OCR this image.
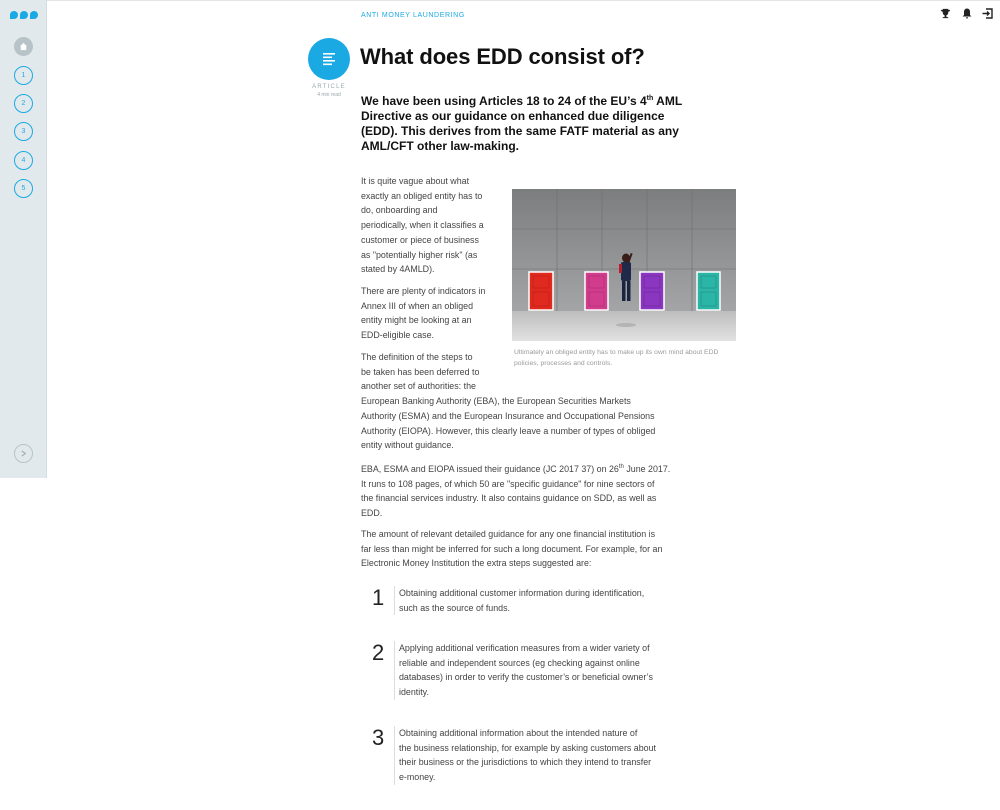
1
2
3
4
5
ANTI MONEY LAUNDERING
ARTICLE
4 min read
What does EDD consist of?
We have been using Articles 18 to 24 of the EU’s 4th AML Directive as our guidance on enhanced due diligence (EDD). This derives from the same FATF material as any AML/CFT other law-making.
It is quite vague about what
exactly an obliged entity has to
do, onboarding and
periodically, when it classifies a
customer or piece of business
as "potentially higher risk" (as
stated by 4AMLD).
There are plenty of indicators in
Annex III of when an obliged
entity might be looking at an
EDD-eligible case.
The definition of the steps to
be taken has been deferred to
another set of authorities: the
European Banking Authority (EBA), the European Securities Markets
Authority (ESMA) and the European Insurance and Occupational Pensions
Authority (EIOPA). However, this clearly leave a number of types of obliged
entity without guidance.
EBA, ESMA and EIOPA issued their guidance (JC 2017 37) on 26th June 2017.
It runs to 108 pages, of which 50 are "specific guidance" for nine sectors of
the financial services industry. It also contains guidance on SDD, as well as
EDD.
The amount of relevant detailed guidance for any one financial institution is
far less than might be inferred for such a long document. For example, for an
Electronic Money Institution the extra steps suggested are:
Ultimately an obliged entity has to make up its own mind about EDD policies, processes and controls.
1	Obtaining additional customer information during identification,
such as the source of funds.
2	Applying additional verification measures from a wider variety of
reliable and independent sources (eg checking against online
databases) in order to verify the customer’s or beneficial owner’s
identity.
3	Obtaining additional information about the intended nature of
the business relationship, for example by asking customers about
their business or the jurisdictions to which they intend to transfer
e-money.
